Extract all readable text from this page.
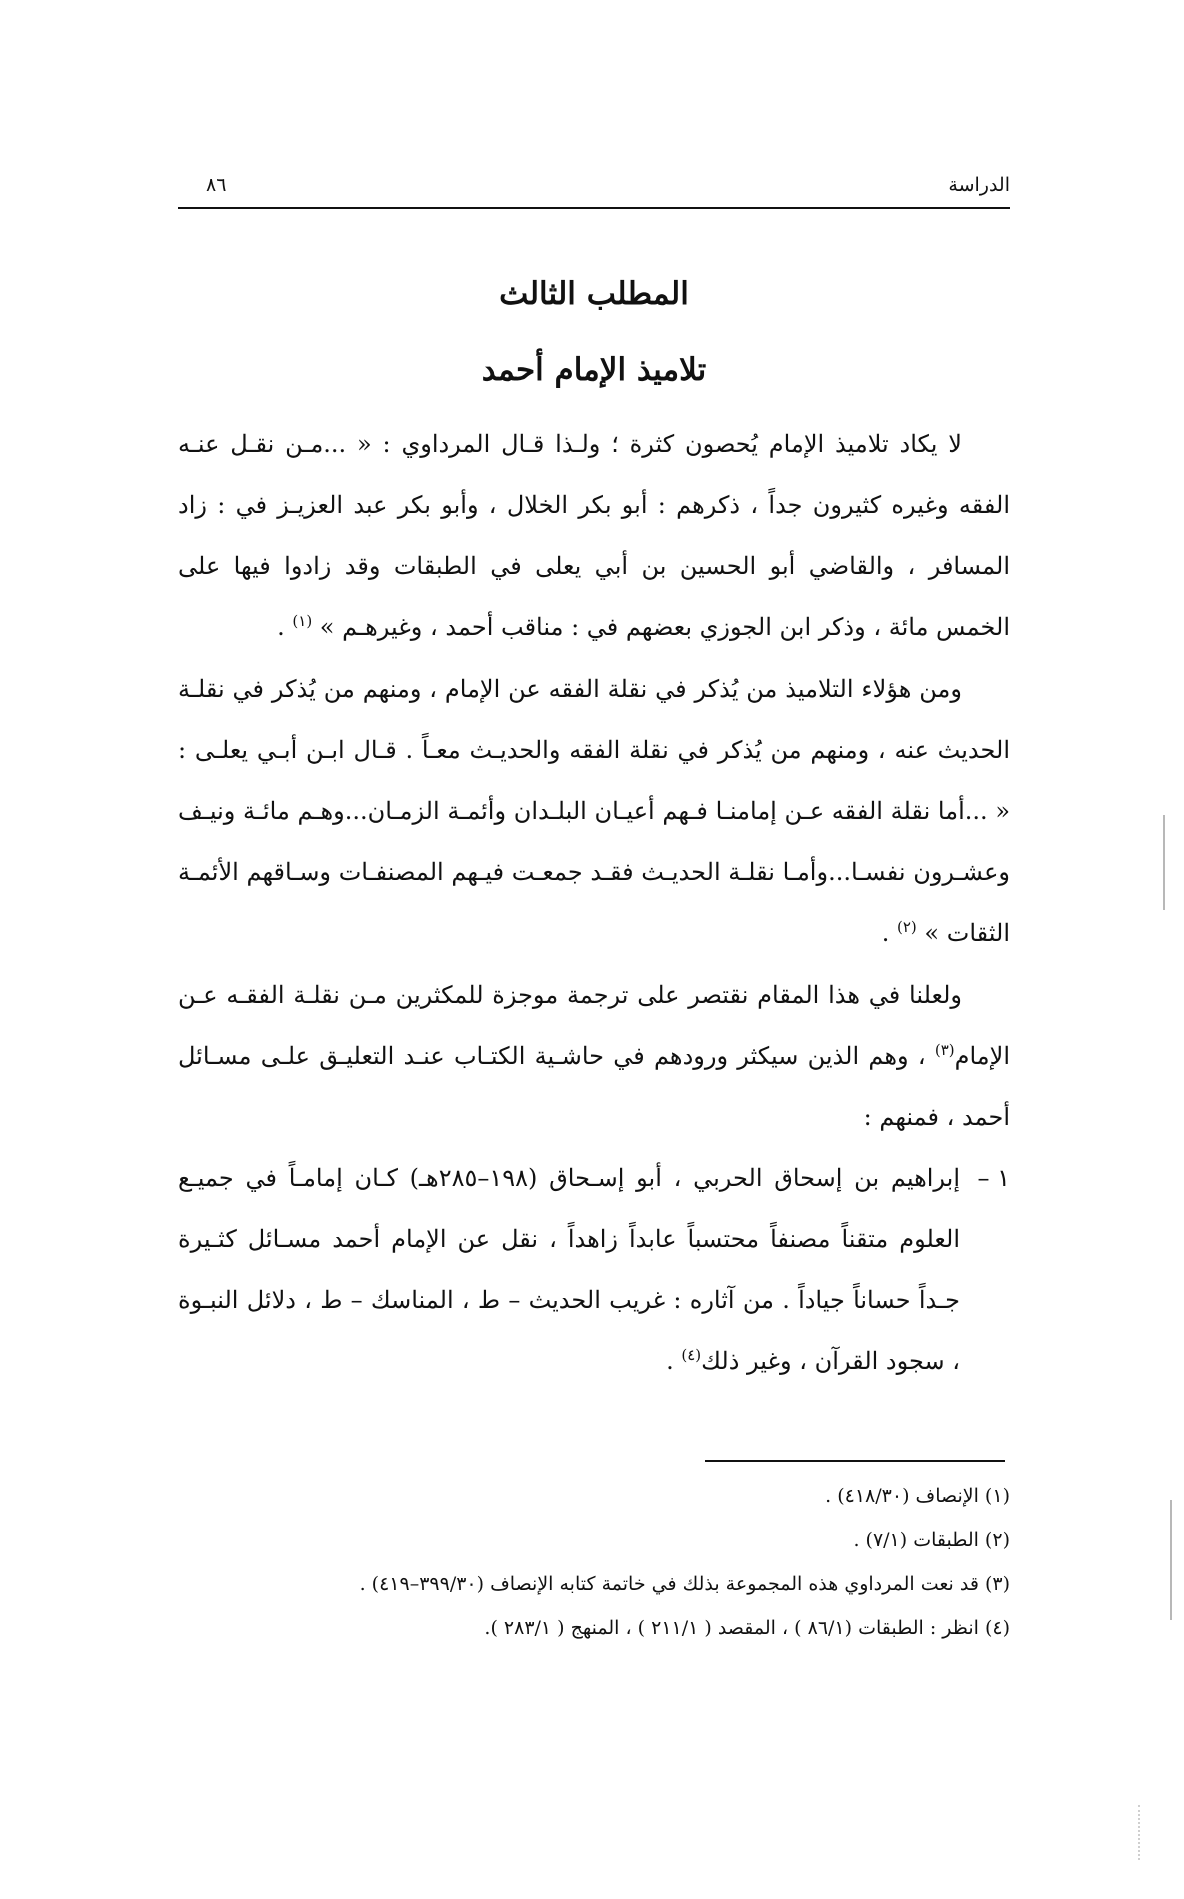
الدراسة
٨٦
المطلب الثالث
تلاميذ الإمام أحمد

لا يكاد تلاميذ الإمام يُحصون كثرة ؛ ولـذا قـال المرداوي : « ...مـن نقـل عنـه الفقه وغيره كثيرون جداً ، ذكرهم : أبو بكر الخلال ، وأبو بكر عبد العزيـز في : زاد المسافر ، والقاضي أبو الحسين بن أبي يعلى في الطبقات وقد زادوا فيها على الخمس مائة ، وذكر ابن الجوزي بعضهم في : مناقب أحمد ، وغيرهـم » $^{(١)}$ .

ومن هؤلاء التلاميذ من يُذكر في نقلة الفقه عن الإمام ، ومنهم من يُذكر في نقلـة الحديث عنه ، ومنهم من يُذكر في نقلة الفقه والحديـث معـاً . قـال ابـن أبـي يعلـى : « ...أما نقلة الفقه عـن إمامنـا فـهم أعيـان البلـدان وأئمـة الزمـان...وهـم مائـة ونيـف وعشـرون نفسـا...وأمـا نقلـة الحديـث فقـد جمعـت فيـهم المصنفـات وسـاقهم الأئمـة الثقات » $^{(٢)}$ .

ولعلنا في هذا المقام نقتصر على ترجمة موجزة للمكثرين مـن نقلـة الفقـه عـن الإمام$^{(٣)}$ ، وهم الذين سيكثر ورودهم في حاشـية الكتـاب عنـد التعليـق علـى مسـائل أحمد ، فمنهم :

١ –
إبراهيم بن إسحاق الحربي ، أبو إسـحاق (١٩٨–٢٨٥هـ) كـان إمامـاً في جميـع العلوم متقناً مصنفاً محتسباً عابداً زاهداً ، نقل عن الإمام أحمد مسـائل كثـيرة جـداً حساناً جياداً . من آثاره : غريب الحديث – ط ، المناسك – ط ، دلائل النبـوة ، سجود القرآن ، وغير ذلك$^{(٤)}$ .
(١) الإنصاف (٤١٨/٣٠) .
(٢) الطبقات (٧/١) .
(٣) قد نعت المرداوي هذه المجموعة بذلك في خاتمة كتابه الإنصاف (٣٩٩/٣٠–٤١٩) .
(٤) انظر : الطبقات (٨٦/١ ) ، المقصد ( ٢١١/١ ) ، المنهج ( ٢٨٣/١ ).
